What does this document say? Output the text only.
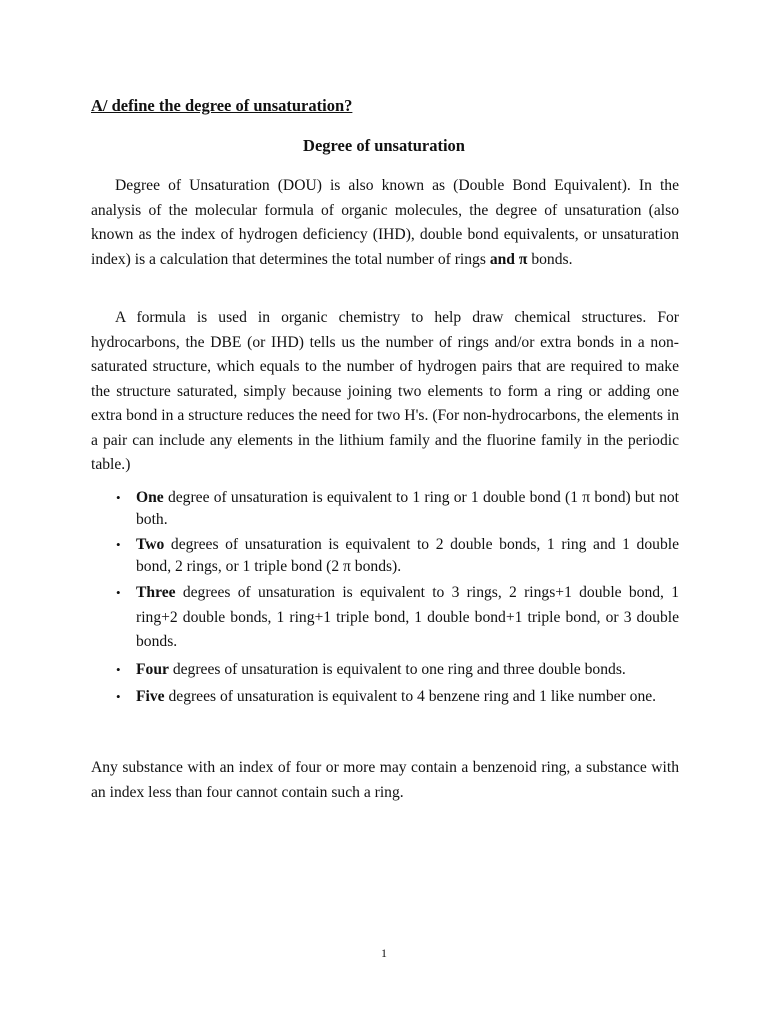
A/ define the degree of unsaturation?
Degree of unsaturation

Degree of Unsaturation (DOU) is also known as (Double Bond Equivalent). In the analysis of the molecular formula of organic molecules, the degree of unsaturation (also known as the index of hydrogen deficiency (IHD), double bond equivalents, or unsaturation index) is a calculation that determines the total number of rings and π bonds.

A formula is used in organic chemistry to help draw chemical structures. For hydrocarbons, the DBE (or IHD) tells us the number of rings and/or extra bonds in a non-saturated structure, which equals to the number of hydrogen pairs that are required to make the structure saturated, simply because joining two elements to form a ring or adding one extra bond in a structure reduces the need for two H's. (For non-hydrocarbons, the elements in a pair can include any elements in the lithium family and the fluorine family in the periodic table.)

• One degree of unsaturation is equivalent to 1 ring or 1 double bond (1 π bond) but not both.
• Two degrees of unsaturation is equivalent to 2 double bonds, 1 ring and 1 double bond, 2 rings, or 1 triple bond (2 π bonds).
• Three degrees of unsaturation is equivalent to 3 rings, 2 rings+1 double bond, 1 ring+2 double bonds, 1 ring+1 triple bond, 1 double bond+1 triple bond, or 3 double bonds.
• Four degrees of unsaturation is equivalent to one ring and three double bonds.
• Five degrees of unsaturation is equivalent to 4 benzene ring and 1 like number one.

Any substance with an index of four or more may contain a benzenoid ring, a substance with an index less than four cannot contain such a ring.

1
